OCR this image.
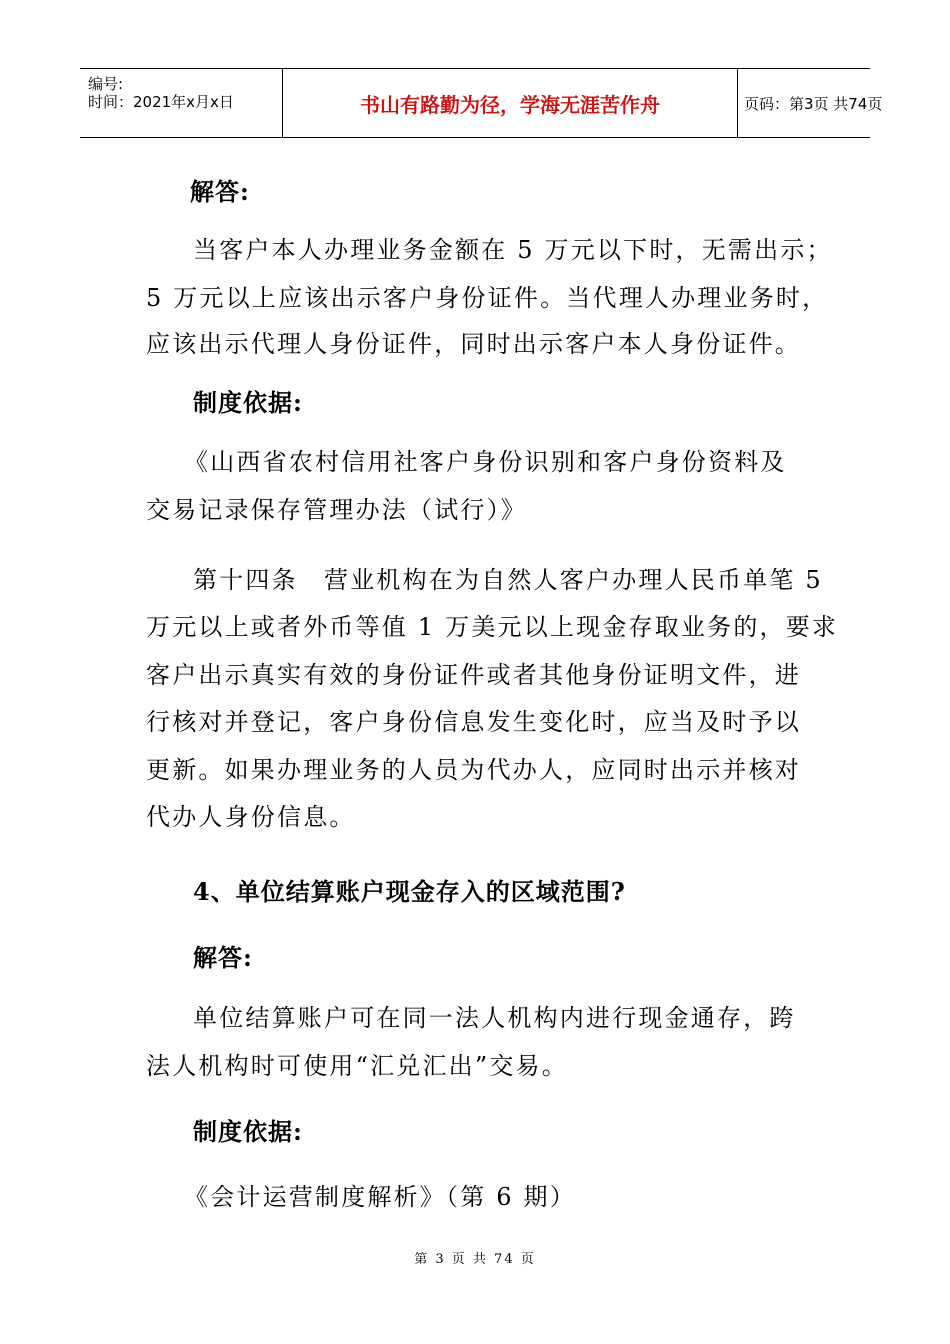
编号:
时间：2021年x月x日	书山有路勤为径，学海无涯苦作舟	页码：第3页 共74页
解答:
当客户本人办理业务金额在 5 万元以下时，无需出示；
5 万元以上应该出示客户身份证件。当代理人办理业务时，
应该出示代理人身份证件，同时出示客户本人身份证件。
制度依据:
《山西省农村信用社客户身份识别和客户身份资料及
交易记录保存管理办法（试行）》
第十四条　营业机构在为自然人客户办理人民币单笔 5
万元以上或者外币等值 1 万美元以上现金存取业务的，要求
客户出示真实有效的身份证件或者其他身份证明文件，进
行核对并登记，客户身份信息发生变化时，应当及时予以
更新。如果办理业务的人员为代办人，应同时出示并核对
代办人身份信息。
4、单位结算账户现金存入的区域范围?
解答:
单位结算账户可在同一法人机构内进行现金通存，跨
法人机构时可使用“汇兑汇出”交易。
制度依据:
《会计运营制度解析》（第 6 期）
第 3 页 共 74 页
